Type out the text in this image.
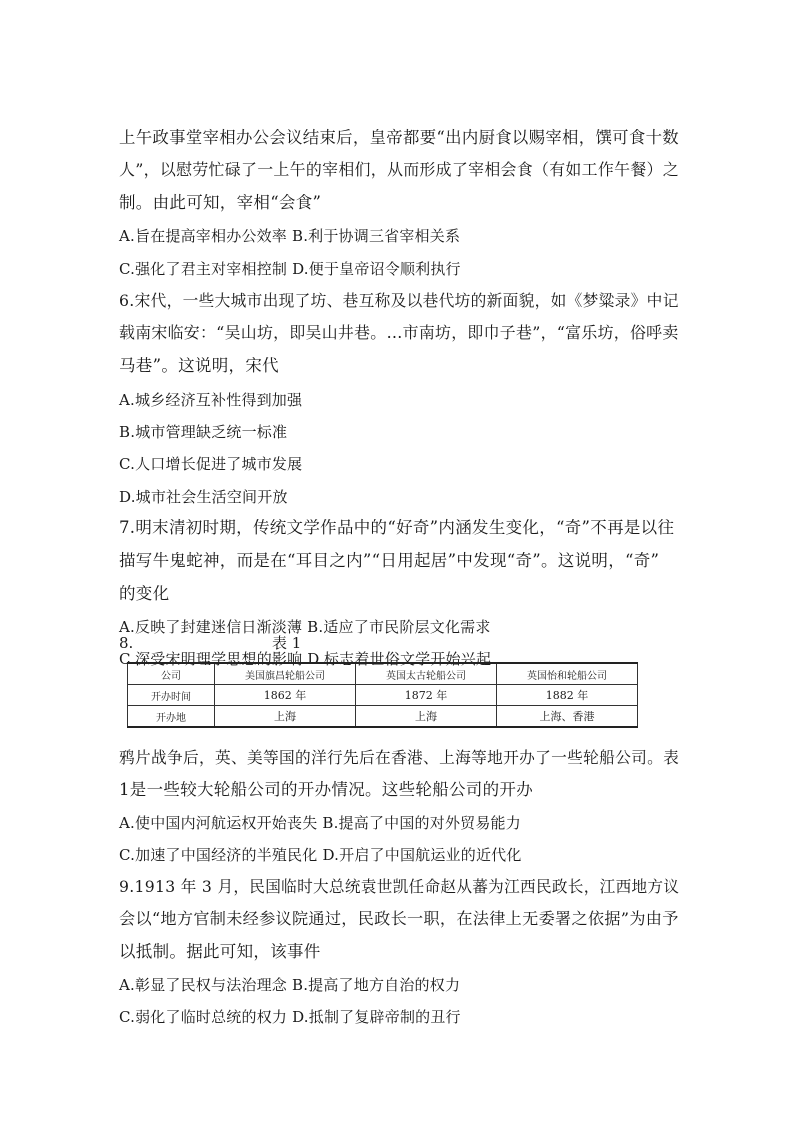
上午政事堂宰相办公会议结束后，皇帝都要“出内厨食以赐宰相，馔可食十数
人”，以慰劳忙碌了一上午的宰相们，从而形成了宰相会食（有如工作午餐）之
制。由此可知，宰相“会食”
A.旨在提高宰相办公效率 B.利于协调三省宰相关系
C.强化了君主对宰相控制 D.便于皇帝诏令顺利执行
6.宋代，一些大城市出现了坊、巷互称及以巷代坊的新面貌，如《梦粱录》中记
载南宋临安：“吴山坊，即吴山井巷。…市南坊，即巾子巷”，“富乐坊，俗呼卖
马巷”。这说明，宋代
A.城乡经济互补性得到加强
B.城市管理缺乏统一标准
C.人口增长促进了城市发展
D.城市社会生活空间开放
7.明末清初时期，传统文学作品中的“好奇”内涵发生变化，“奇”不再是以往
描写牛鬼蛇神，而是在“耳目之内”“日用起居”中发现“奇”。这说明，“奇”
的变化
A.反映了封建迷信日渐淡薄 B.适应了市民阶层文化需求
C.深受宋明理学思想的影响 D.标志着世俗文学开始兴起
8.	表 1
公司	美国旗昌轮船公司	英国太古轮船公司	英国怡和轮船公司
开办时间	1862 年	1872 年	1882 年
开办地	上海	上海	上海、香港
鸦片战争后，英、美等国的洋行先后在香港、上海等地开办了一些轮船公司。表
1是一些较大轮船公司的开办情况。这些轮船公司的开办
A.使中国内河航运权开始丧失 B.提高了中国的对外贸易能力
C.加速了中国经济的半殖民化 D.开启了中国航运业的近代化
9.1913 年 3 月，民国临时大总统袁世凯任命赵从蕃为江西民政长，江西地方议
会以“地方官制未经参议院通过，民政长一职，在法律上无委署之依据”为由予
以抵制。据此可知，该事件
A.彰显了民权与法治理念 B.提高了地方自治的权力
C.弱化了临时总统的权力 D.抵制了复辟帝制的丑行
